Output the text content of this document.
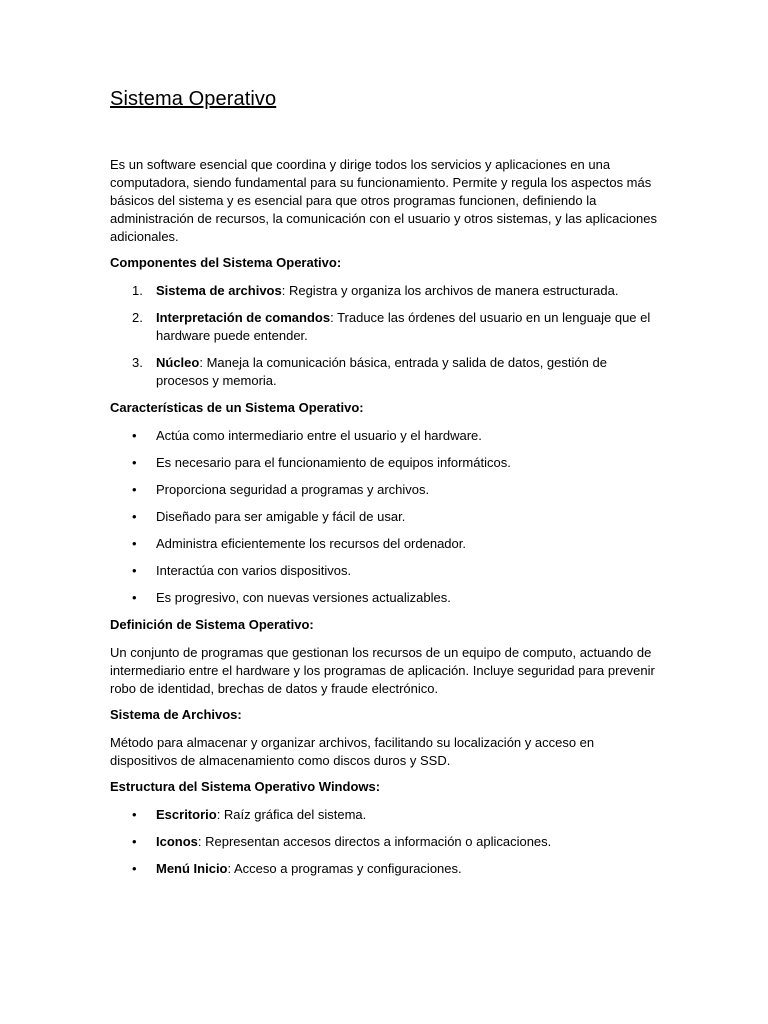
Sistema Operativo

Es un software esencial que coordina y dirige todos los servicios y aplicaciones en una computadora, siendo fundamental para su funcionamiento. Permite y regula los aspectos más básicos del sistema y es esencial para que otros programas funcionen, definiendo la administración de recursos, la comunicación con el usuario y otros sistemas, y las aplicaciones adicionales.

Componentes del Sistema Operativo:

1. Sistema de archivos: Registra y organiza los archivos de manera estructurada.
2. Interpretación de comandos: Traduce las órdenes del usuario en un lenguaje que el hardware puede entender.
3. Núcleo: Maneja la comunicación básica, entrada y salida de datos, gestión de procesos y memoria.

Características de un Sistema Operativo:

• Actúa como intermediario entre el usuario y el hardware.
• Es necesario para el funcionamiento de equipos informáticos.
• Proporciona seguridad a programas y archivos.
• Diseñado para ser amigable y fácil de usar.
• Administra eficientemente los recursos del ordenador.
• Interactúa con varios dispositivos.
• Es progresivo, con nuevas versiones actualizables.

Definición de Sistema Operativo:

Un conjunto de programas que gestionan los recursos de un equipo de computo, actuando de intermediario entre el hardware y los programas de aplicación. Incluye seguridad para prevenir robo de identidad, brechas de datos y fraude electrónico.

Sistema de Archivos:

Método para almacenar y organizar archivos, facilitando su localización y acceso en dispositivos de almacenamiento como discos duros y SSD.

Estructura del Sistema Operativo Windows:

• Escritorio: Raíz gráfica del sistema.
• Iconos: Representan accesos directos a información o aplicaciones.
• Menú Inicio: Acceso a programas y configuraciones.
